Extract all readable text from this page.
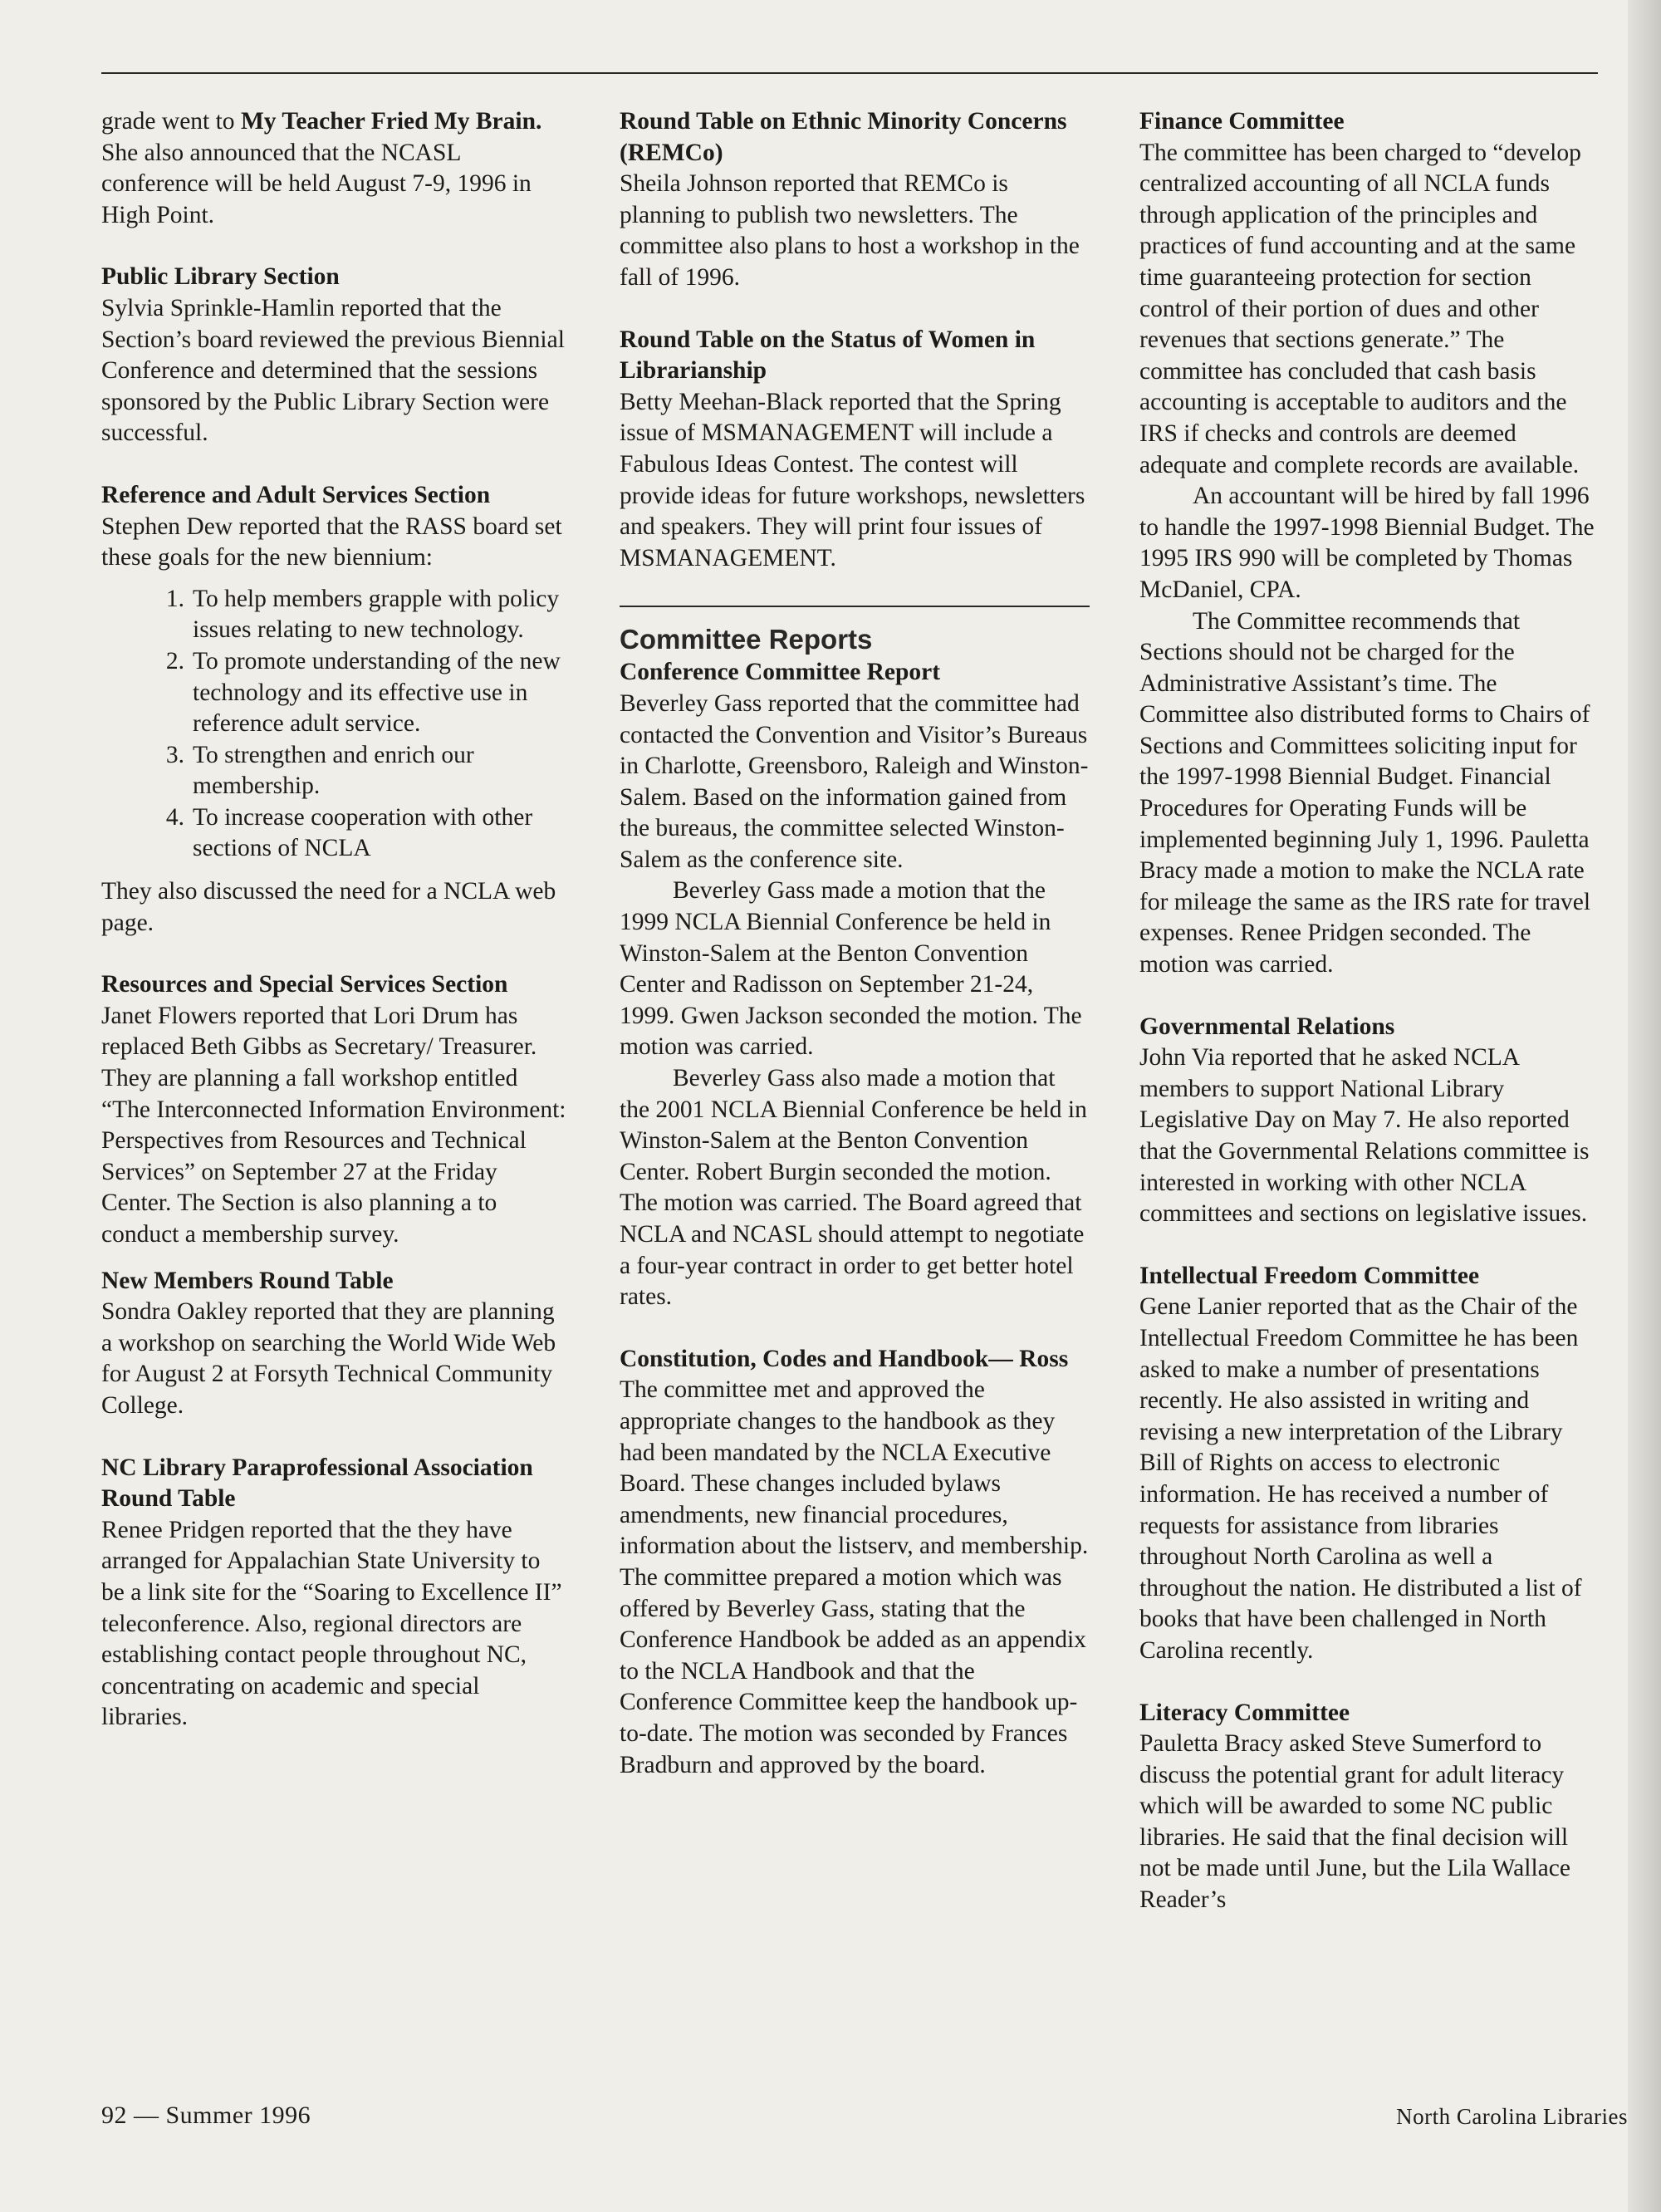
grade went to My Teacher Fried My Brain. She also announced that the NCASL conference will be held August 7-9, 1996 in High Point.

Public Library Section

Sylvia Sprinkle-Hamlin reported that the Section’s board reviewed the previous Biennial Conference and determined that the sessions sponsored by the Public Library Section were successful.

Reference and Adult Services Section

Stephen Dew reported that the RASS board set these goals for the new biennium:

1. To help members grapple with policy issues relating to new technology.
2. To promote understanding of the new technology and its effective use in reference adult service.
3. To strengthen and enrich our membership.
4. To increase cooperation with other sections of NCLA

They also discussed the need for a NCLA web page.

Resources and Special Services Section

Janet Flowers reported that Lori Drum has replaced Beth Gibbs as Secretary/ Treasurer. They are planning a fall workshop entitled “The Interconnected Information Environment: Perspectives from Resources and Technical Services” on September 27 at the Friday Center. The Section is also planning a to conduct a membership survey.

New Members Round Table

Sondra Oakley reported that they are planning a workshop on searching the World Wide Web for August 2 at Forsyth Technical Community College.

NC Library Paraprofessional Association Round Table

Renee Pridgen reported that the they have arranged for Appalachian State University to be a link site for the “Soaring to Excellence II” teleconference. Also, regional directors are establishing contact people throughout NC, concentrating on academic and special libraries.

Round Table on Ethnic Minority Concerns (REMCo)

Sheila Johnson reported that REMCo is planning to publish two newsletters. The committee also plans to host a workshop in the fall of 1996.

Round Table on the Status of Women in Librarianship

Betty Meehan-Black reported that the Spring issue of MSMANAGEMENT will include a Fabulous Ideas Contest. The contest will provide ideas for future workshops, newsletters and speakers. They will print four issues of MSMANAGEMENT.

Committee Reports

Conference Committee Report

Beverley Gass reported that the committee had contacted the Convention and Visitor’s Bureaus in Charlotte, Greensboro, Raleigh and Winston-Salem. Based on the information gained from the bureaus, the committee selected Winston-Salem as the conference site.

Beverley Gass made a motion that the 1999 NCLA Biennial Conference be held in Winston-Salem at the Benton Convention Center and Radisson on September 21-24, 1999. Gwen Jackson seconded the motion. The motion was carried.

Beverley Gass also made a motion that the 2001 NCLA Biennial Conference be held in Winston-Salem at the Benton Convention Center. Robert Burgin seconded the motion. The motion was carried. The Board agreed that NCLA and NCASL should attempt to negotiate a four-year contract in order to get better hotel rates.

Constitution, Codes and Handbook— Ross

The committee met and approved the appropriate changes to the handbook as they had been mandated by the NCLA Executive Board. These changes included bylaws amendments, new financial procedures, information about the listserv, and membership. The committee prepared a motion which was offered by Beverley Gass, stating that the Conference Handbook be added as an appendix to the NCLA Handbook and that the Conference Committee keep the handbook up-to-date. The motion was seconded by Frances Bradburn and approved by the board.

Finance Committee

The committee has been charged to “develop centralized accounting of all NCLA funds through application of the principles and practices of fund accounting and at the same time guaranteeing protection for section control of their portion of dues and other revenues that sections generate.” The committee has concluded that cash basis accounting is acceptable to auditors and the IRS if checks and controls are deemed adequate and complete records are available.

An accountant will be hired by fall 1996 to handle the 1997-1998 Biennial Budget. The 1995 IRS 990 will be completed by Thomas McDaniel, CPA.

The Committee recommends that Sections should not be charged for the Administrative Assistant’s time. The Committee also distributed forms to Chairs of Sections and Committees soliciting input for the 1997-1998 Biennial Budget. Financial Procedures for Operating Funds will be implemented beginning July 1, 1996. Pauletta Bracy made a motion to make the NCLA rate for mileage the same as the IRS rate for travel expenses. Renee Pridgen seconded. The motion was carried.

Governmental Relations

John Via reported that he asked NCLA members to support National Library Legislative Day on May 7. He also reported that the Governmental Relations committee is interested in working with other NCLA committees and sections on legislative issues.

Intellectual Freedom Committee

Gene Lanier reported that as the Chair of the Intellectual Freedom Committee he has been asked to make a number of presentations recently. He also assisted in writing and revising a new interpretation of the Library Bill of Rights on access to electronic information. He has received a number of requests for assistance from libraries throughout North Carolina as well a throughout the nation. He distributed a list of books that have been challenged in North Carolina recently.

Literacy Committee

Pauletta Bracy asked Steve Sumerford to discuss the potential grant for adult literacy which will be awarded to some NC public libraries. He said that the final decision will not be made until June, but the Lila Wallace Reader’s

92 — Summer 1996	North Carolina Libraries
